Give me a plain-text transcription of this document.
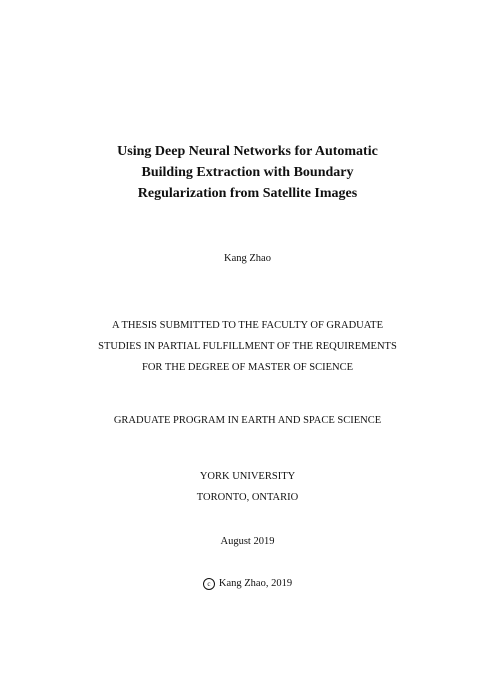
Using Deep Neural Networks for Automatic
Building Extraction with Boundary
Regularization from Satellite Images
Kang Zhao
A THESIS SUBMITTED TO THE FACULTY OF GRADUATE
STUDIES IN PARTIAL FULFILLMENT OF THE REQUIREMENTS
FOR THE DEGREE OF MASTER OF SCIENCE
GRADUATE PROGRAM IN EARTH AND SPACE SCIENCE
YORK UNIVERSITY
TORONTO, ONTARIO
August 2019
c Kang Zhao, 2019
